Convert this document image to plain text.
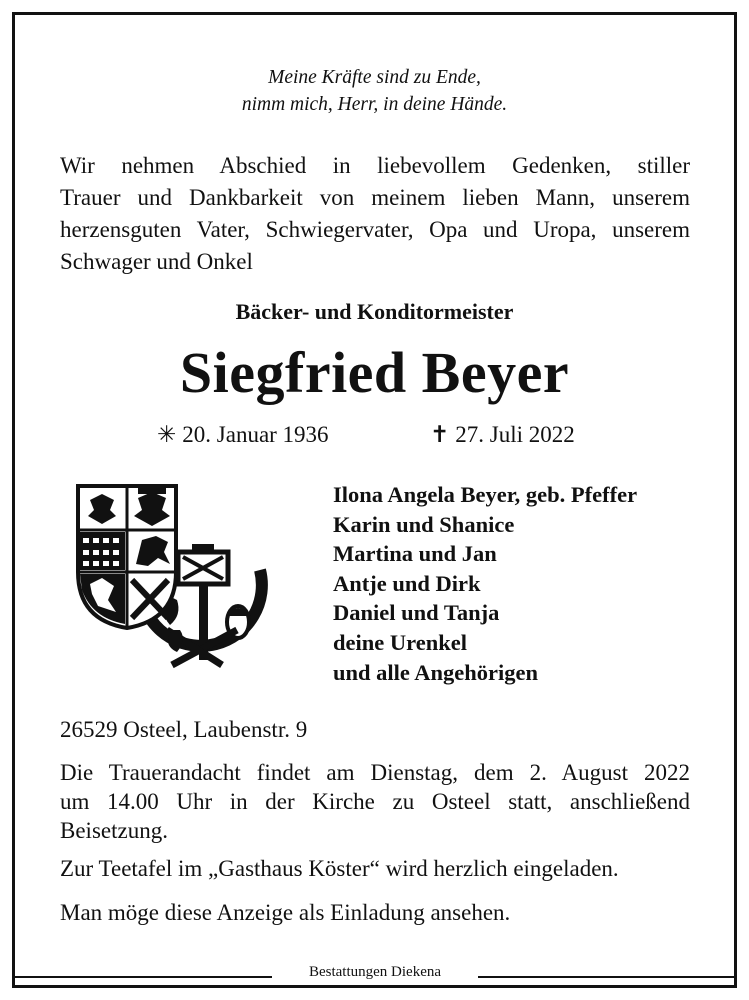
Meine Kräfte sind zu Ende,
nimm mich, Herr, in deine Hände.
Wir nehmen Abschied in liebevollem Gedenken, stiller
Trauer und Dankbarkeit von meinem lieben Mann, unserem
herzensguten Vater, Schwiegervater, Opa und Uropa, unserem
Schwager und Onkel
Bäcker- und Konditormeister
Siegfried Beyer
✳ 20. Januar 1936	✝ 27. Juli 2022
Ilona Angela Beyer, geb. Pfeffer
Karin und Shanice
Martina und Jan
Antje und Dirk
Daniel und Tanja
deine Urenkel
und alle Angehörigen
26529 Osteel, Laubenstr. 9
Die Trauerandacht findet am Dienstag, dem 2. August 2022
um 14.00 Uhr in der Kirche zu Osteel statt, anschließend
Beisetzung.
Zur Teetafel im „Gasthaus Köster“ wird herzlich eingeladen.
Man möge diese Anzeige als Einladung ansehen.
Bestattungen Diekena
